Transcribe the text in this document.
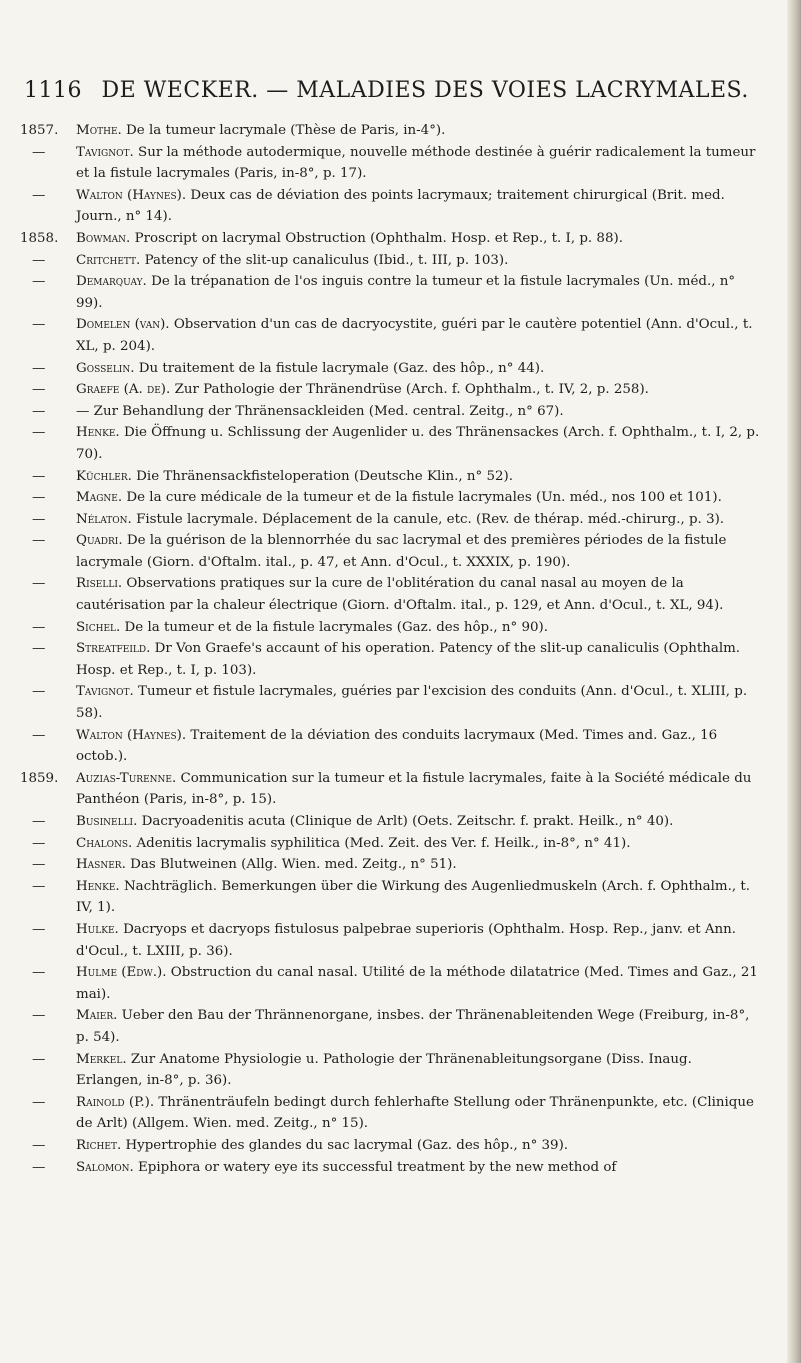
1116 DE WECKER. — MALADIES DES VOIES LACRYMALES.
1857. Mothe. De la tumeur lacrymale (Thèse de Paris, in-4°).
— Tavignot. Sur la méthode autodermique, nouvelle méthode destinée à guérir radicalement la tumeur et la fistule lacrymales (Paris, in-8°, p. 17).
— Walton (Haynes). Deux cas de déviation des points lacrymaux; traitement chirurgical (Brit. med. Journ., n° 14).
1858. Bowman. Proscript on lacrymal Obstruction (Ophthalm. Hosp. et Rep., t. I, p. 88).
— Critchett. Patency of the slit-up canaliculus (Ibid., t. III, p. 103).
— Demarquay. De la trépanation de l'os inguis contre la tumeur et la fistule lacrymales (Un. méd., n° 99).
— Domelen (van). Observation d'un cas de dacryocystite, guéri par le cautère potentiel (Ann. d'Ocul., t. XL, p. 204).
— Gosselin. Du traitement de la fistule lacrymale (Gaz. des hôp., n° 44).
— Graefe (A. de). Zur Pathologie der Thränendrüse (Arch. f. Ophthalm., t. IV, 2, p. 258).
— — Zur Behandlung der Thränensackleiden (Med. central. Zeitg., n° 67).
— Henke. Die Öffnung u. Schlissung der Augenlider u. des Thränensackes (Arch. f. Ophthalm., t. I, 2, p. 70).
— Küchler. Die Thränensackfisteloperation (Deutsche Klin., n° 52).
— Magne. De la cure médicale de la tumeur et de la fistule lacrymales (Un. méd., nos 100 et 101).
— Nélaton. Fistule lacrymale. Déplacement de la canule, etc. (Rev. de thérap. méd.-chirurg., p. 3).
— Quadri. De la guérison de la blennorrhée du sac lacrymal et des premières périodes de la fistule lacrymale (Giorn. d'Oftalm. ital., p. 47, et Ann. d'Ocul., t. XXXIX, p. 190).
— Riselli. Observations pratiques sur la cure de l'oblitération du canal nasal au moyen de la cautérisation par la chaleur électrique (Giorn. d'Oftalm. ital., p. 129, et Ann. d'Ocul., t. XL, 94).
— Sichel. De la tumeur et de la fistule lacrymales (Gaz. des hôp., n° 90).
— Streatfeild. Dr Von Graefe's accaunt of his operation. Patency of the slit-up canaliculis (Ophthalm. Hosp. et Rep., t. I, p. 103).
— Tavignot. Tumeur et fistule lacrymales, guéries par l'excision des conduits (Ann. d'Ocul., t. XLIII, p. 58).
— Walton (Haynes). Traitement de la déviation des conduits lacrymaux (Med. Times and. Gaz., 16 octob.).
1859. Auzias-Turenne. Communication sur la tumeur et la fistule lacrymales, faite à la Société médicale du Panthéon (Paris, in-8°, p. 15).
— Businelli. Dacryoadenitis acuta (Clinique de Arlt) (Oets. Zeitschr. f. prakt. Heilk., n° 40).
— Chalons. Adenitis lacrymalis syphilitica (Med. Zeit. des Ver. f. Heilk., in-8°, n° 41).
— Hasner. Das Blutweinen (Allg. Wien. med. Zeitg., n° 51).
— Henke. Nachträglich. Bemerkungen über die Wirkung des Augenliedmuskeln (Arch. f. Ophthalm., t. IV, 1).
— Hulke. Dacryops et dacryops fistulosus palpebrae superioris (Ophthalm. Hosp. Rep., janv. et Ann. d'Ocul., t. LXIII, p. 36).
— Hulme (Edw.). Obstruction du canal nasal. Utilité de la méthode dilatatrice (Med. Times and Gaz., 21 mai).
— Maier. Ueber den Bau der Thrännenorgane, insbes. der Thränenableitenden Wege (Freiburg, in-8°, p. 54).
— Merkel. Zur Anatome Physiologie u. Pathologie der Thränenableitungsorgane (Diss. Inaug. Erlangen, in-8°, p. 36).
— Rainold (P.). Thränenträufeln bedingt durch fehlerhafte Stellung oder Thränenpunkte, etc. (Clinique de Arlt) (Allgem. Wien. med. Zeitg., n° 15).
— Richet. Hypertrophie des glandes du sac lacrymal (Gaz. des hôp., n° 39).
— Salomon. Epiphora or watery eye its successful treatment by the new method of
